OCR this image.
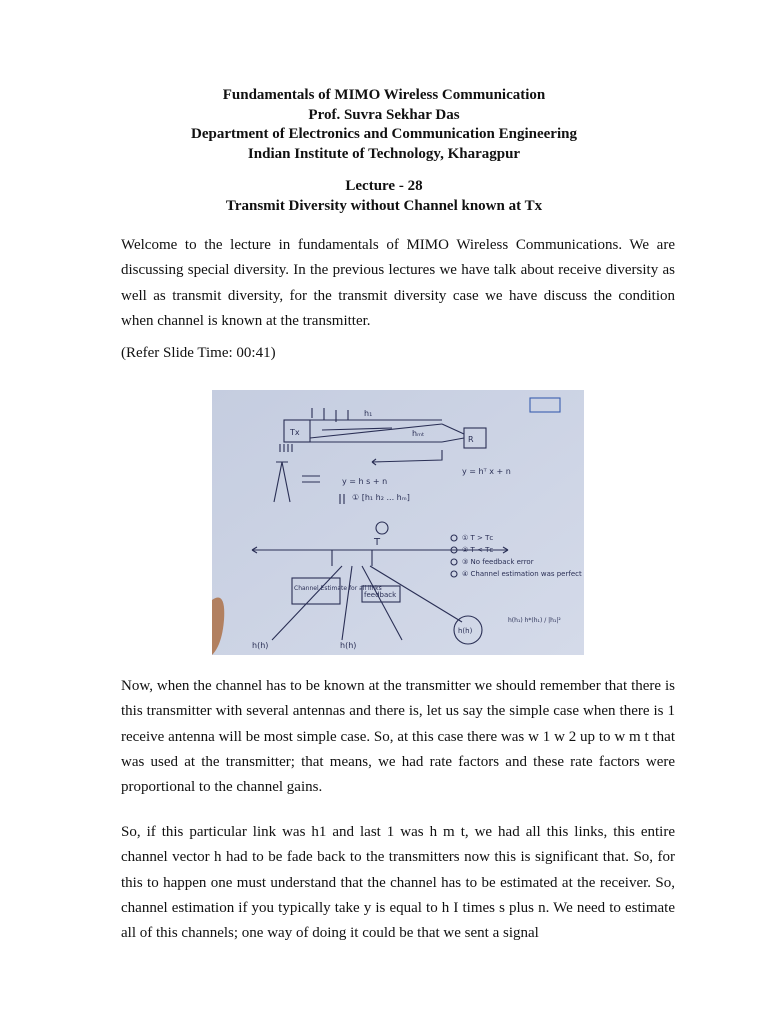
Fundamentals of MIMO Wireless Communication
Prof. Suvra Sekhar Das
Department of Electronics and Communication Engineering
Indian Institute of Technology, Kharagpur
Lecture - 28
Transmit Diversity without Channel known at Tx

Welcome to the lecture in fundamentals of MIMO Wireless Communications. We are discussing special diversity. In the previous lectures we have talk about receive diversity as well as transmit diversity, for the transmit diversity case we have discuss the condition when channel is known at the transmitter.

(Refer Slide Time: 00:41)

Tx
R
h₁
hₘₜ
y = h s + n
① [h₁ h₂ ... hₘ]
y = hᵀ x + n
T	① T > Tᴄ
② T < Tᴄ
③ No feedback error
④ Channel estimation was perfect
Channel Estimate for all links
feedback
h(h)	h(h)
h(h)
h(h₁) h*(h₁) / |h₁|²

Now, when the channel has to be known at the transmitter we should remember that there is this transmitter with several antennas and there is, let us say the simple case when there is 1 receive antenna will be most simple case. So, at this case there was w 1 w 2 up to w m t that was used at the transmitter; that means, we had rate factors and these rate factors were proportional to the channel gains.

So, if this particular link was h1 and last 1 was h m t, we had all this links, this entire channel vector h had to be fade back to the transmitters now this is significant that. So, for this to happen one must understand that the channel has to be estimated at the receiver. So, channel estimation if you typically take y is equal to h I times s plus n. We need to estimate all of this channels; one way of doing it could be that we sent a signal
